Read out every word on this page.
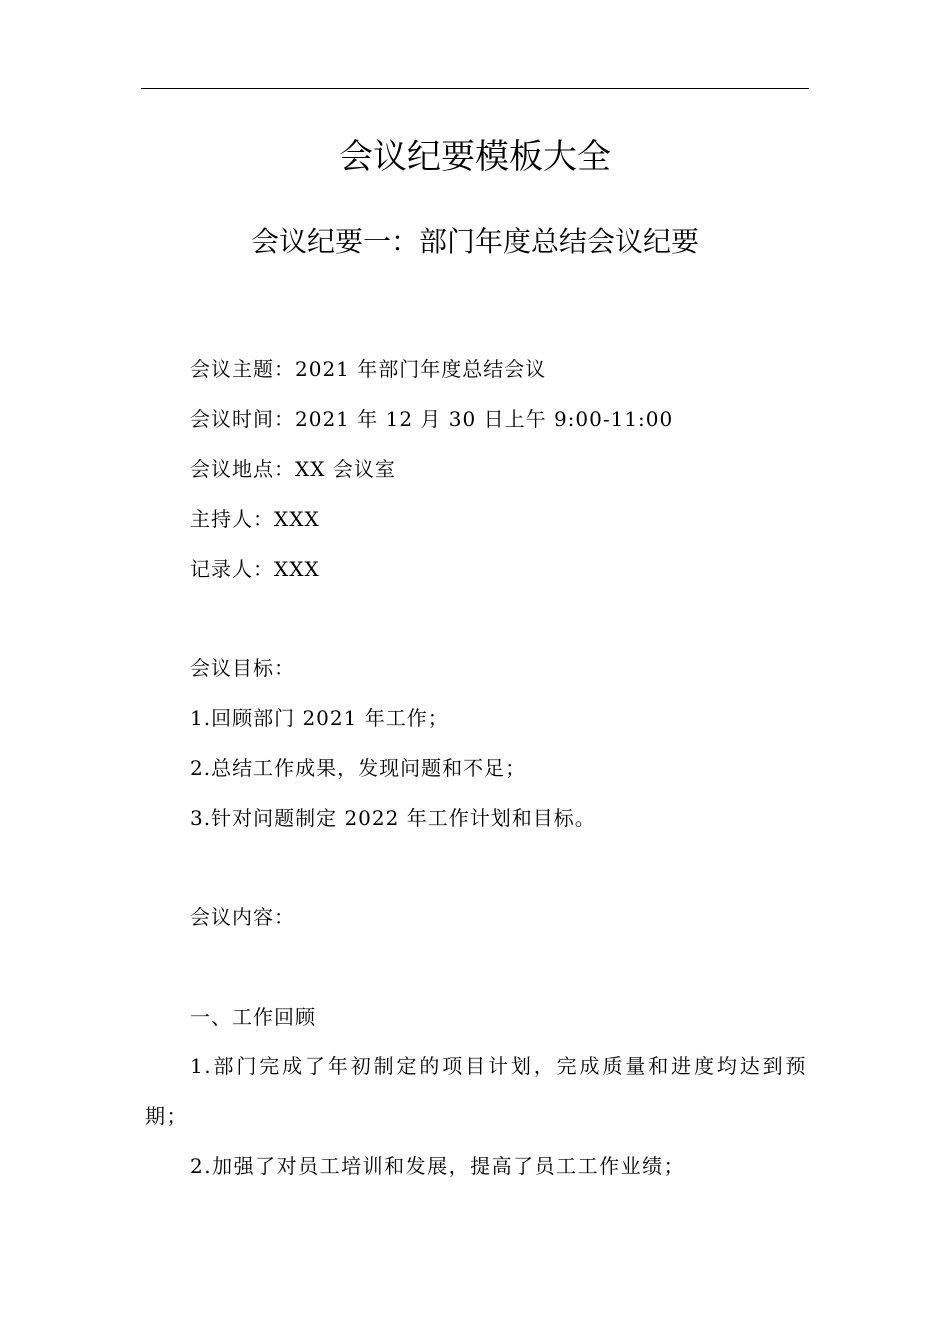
会议纪要模板大全
会议纪要一：部门年度总结会议纪要

会议主题：2021 年部门年度总结会议

会议时间：2021 年 12 月 30 日上午 9:00-11:00

会议地点：XX 会议室

主持人：XXX

记录人：XXX

会议目标：

1.回顾部门 2021 年工作；

2.总结工作成果，发现问题和不足；

3.针对问题制定 2022 年工作计划和目标。

会议内容：

一、工作回顾

1.部门完成了年初制定的项目计划，完成质量和进度均达到预期；

2.加强了对员工培训和发展，提高了员工工作业绩；
